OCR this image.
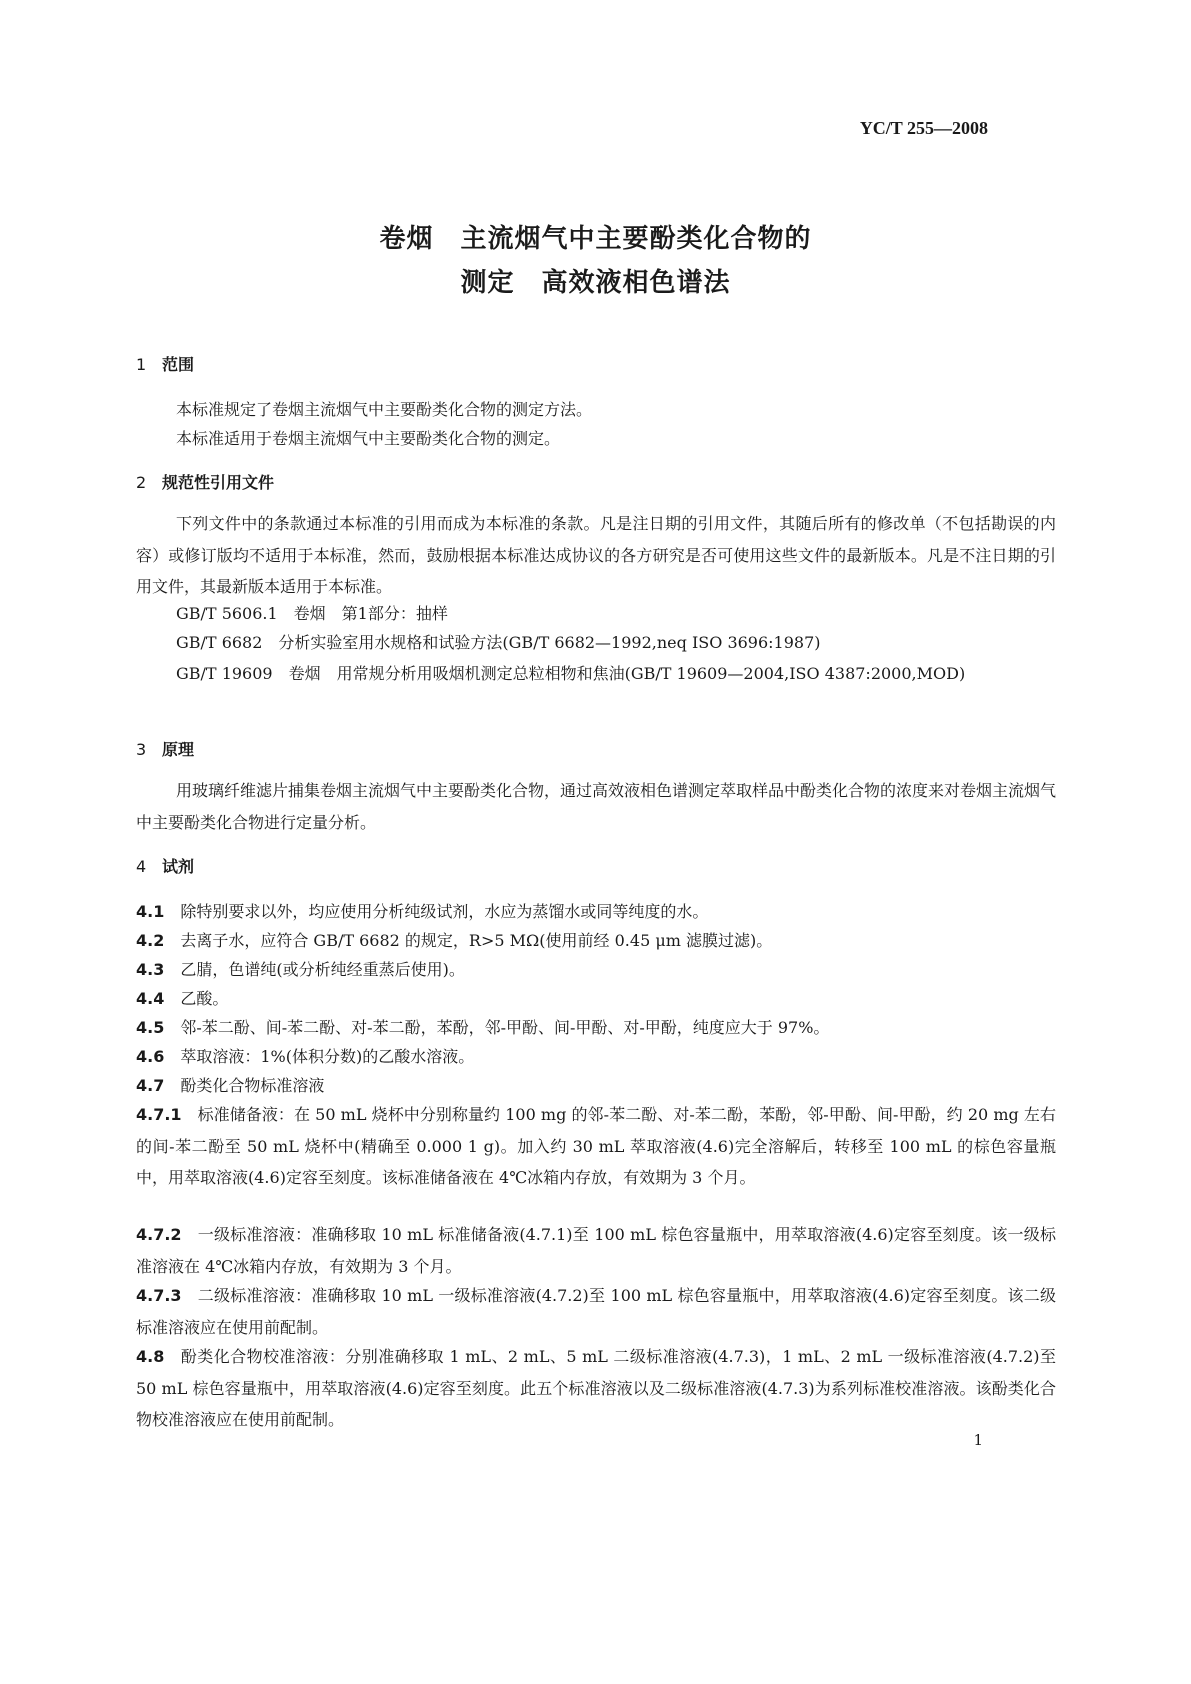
YC/T 255—2008
卷烟　主流烟气中主要酚类化合物的
测定　高效液相色谱法
1 范围
本标准规定了卷烟主流烟气中主要酚类化合物的测定方法。
本标准适用于卷烟主流烟气中主要酚类化合物的测定。
2 规范性引用文件
下列文件中的条款通过本标准的引用而成为本标准的条款。凡是注日期的引用文件，其随后所有的修改单（不包括勘误的内容）或修订版均不适用于本标准，然而，鼓励根据本标准达成协议的各方研究是否可使用这些文件的最新版本。凡是不注日期的引用文件，其最新版本适用于本标准。
GB/T 5606.1　卷烟　第1部分：抽样
GB/T 6682　分析实验室用水规格和试验方法(GB/T 6682—1992,neq ISO 3696:1987)
GB/T 19609　卷烟　用常规分析用吸烟机测定总粒相物和焦油(GB/T 19609—2004,ISO 4387:2000,MOD)
3 原理
用玻璃纤维滤片捕集卷烟主流烟气中主要酚类化合物，通过高效液相色谱测定萃取样品中酚类化合物的浓度来对卷烟主流烟气中主要酚类化合物进行定量分析。
4 试剂
4.1 除特别要求以外，均应使用分析纯级试剂，水应为蒸馏水或同等纯度的水。
4.2 去离子水，应符合 GB/T 6682 的规定，R>5 MΩ(使用前经 0.45 μm 滤膜过滤)。
4.3 乙腈，色谱纯(或分析纯经重蒸后使用)。
4.4 乙酸。
4.5 邻-苯二酚、间-苯二酚、对-苯二酚，苯酚，邻-甲酚、间-甲酚、对-甲酚，纯度应大于 97%。
4.6 萃取溶液：1%(体积分数)的乙酸水溶液。
4.7 酚类化合物标准溶液
4.7.1 标准储备液：在 50 mL 烧杯中分别称量约 100 mg 的邻-苯二酚、对-苯二酚，苯酚，邻-甲酚、间-甲酚，约 20 mg 左右的间-苯二酚至 50 mL 烧杯中(精确至 0.000 1 g)。加入约 30 mL 萃取溶液(4.6)完全溶解后，转移至 100 mL 的棕色容量瓶中，用萃取溶液(4.6)定容至刻度。该标准储备液在 4℃冰箱内存放，有效期为 3 个月。
4.7.2 一级标准溶液：准确移取 10 mL 标准储备液(4.7.1)至 100 mL 棕色容量瓶中，用萃取溶液(4.6)定容至刻度。该一级标准溶液在 4℃冰箱内存放，有效期为 3 个月。
4.7.3 二级标准溶液：准确移取 10 mL 一级标准溶液(4.7.2)至 100 mL 棕色容量瓶中，用萃取溶液(4.6)定容至刻度。该二级标准溶液应在使用前配制。
4.8 酚类化合物校准溶液：分别准确移取 1 mL、2 mL、5 mL 二级标准溶液(4.7.3)，1 mL、2 mL 一级标准溶液(4.7.2)至 50 mL 棕色容量瓶中，用萃取溶液(4.6)定容至刻度。此五个标准溶液以及二级标准溶液(4.7.3)为系列标准校准溶液。该酚类化合物校准溶液应在使用前配制。
1
